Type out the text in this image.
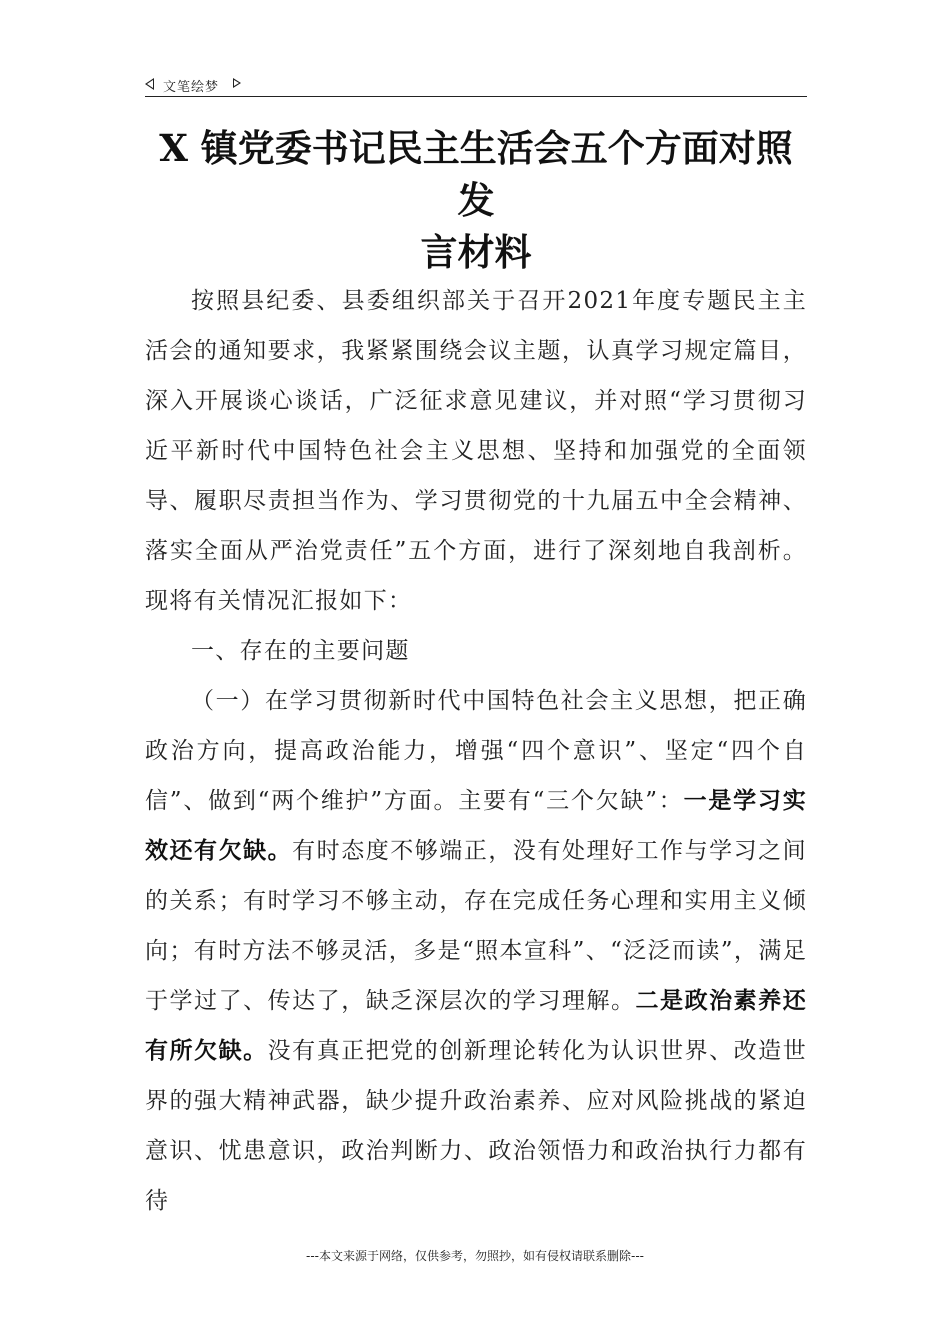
文笔绘梦
X 镇党委书记民主生活会五个方面对照发
言材料

按照县纪委、县委组织部关于召开2021年度专题民主主活会的通知要求，我紧紧围绕会议主题，认真学习规定篇目，深入开展谈心谈话，广泛征求意见建议，并对照“学习贯彻习近平新时代中国特色社会主义思想、坚持和加强党的全面领导、履职尽责担当作为、学习贯彻党的十九届五中全会精神、落实全面从严治党责任”五个方面，进行了深刻地自我剖析。现将有关情况汇报如下：

一、存在的主要问题

（一）在学习贯彻新时代中国特色社会主义思想，把正确政治方向，提高政治能力，增强“四个意识”、坚定“四个自信”、做到“两个维护”方面。主要有“三个欠缺”：一是学习实效还有欠缺。有时态度不够端正，没有处理好工作与学习之间的关系；有时学习不够主动，存在完成任务心理和实用主义倾向；有时方法不够灵活，多是“照本宣科”、“泛泛而读”，满足于学过了、传达了，缺乏深层次的学习理解。二是政治素养还有所欠缺。没有真正把党的创新理论转化为认识世界、改造世界的强大精神武器，缺少提升政治素养、应对风险挑战的紧迫意识、忧患意识，政治判断力、政治领悟力和政治执行力都有待

---本文来源于网络，仅供参考，勿照抄，如有侵权请联系删除---
